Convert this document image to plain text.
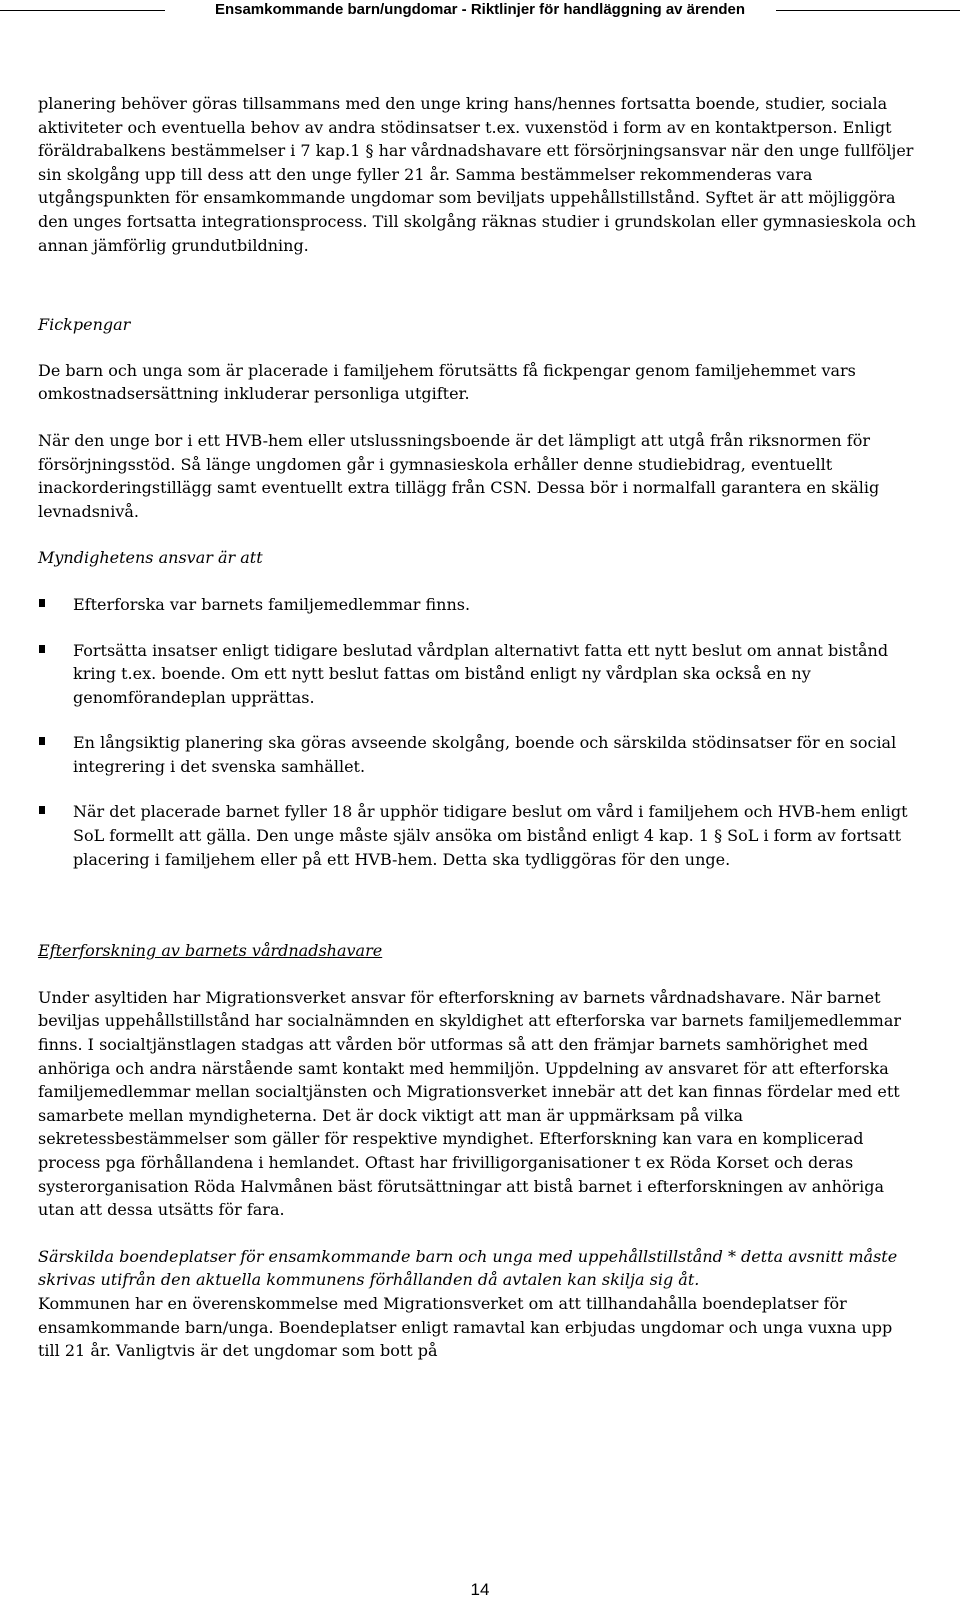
Ensamkommande barn/ungdomar - Riktlinjer för handläggning av ärenden

planering behöver göras tillsammans med den unge kring hans/hennes fortsatta boende, studier, sociala aktiviteter och eventuella behov av andra stödinsatser t.ex. vuxenstöd i form av en kontaktperson. Enligt föräldrabalkens bestämmelser i 7 kap.1 § har vårdnadshavare ett försörjningsansvar när den unge fullföljer sin skolgång upp till dess att den unge fyller 21 år. Samma bestämmelser rekommenderas vara utgångspunkten för ensamkommande ungdomar som beviljats uppehållstillstånd. Syftet är att möjliggöra den unges fortsatta integrationsprocess. Till skolgång räknas studier i grundskolan eller gymnasieskola och annan jämförlig grundutbildning.

Fickpengar

De barn och unga som är placerade i familjehem förutsätts få fickpengar genom familjehemmet vars omkostnadsersättning inkluderar personliga utgifter.

När den unge bor i ett HVB-hem eller utslussningsboende är det lämpligt att utgå från riksnormen för försörjningsstöd. Så länge ungdomen går i gymnasieskola erhåller denne studiebidrag, eventuellt inackorderingstillägg samt eventuellt extra tillägg från CSN. Dessa bör i normalfall garantera en skälig levnadsnivå.

Myndighetens ansvar är att

Efterforska var barnets familjemedlemmar finns.
Fortsätta insatser enligt tidigare beslutad vårdplan alternativt fatta ett nytt beslut om annat bistånd kring t.ex. boende. Om ett nytt beslut fattas om bistånd enligt ny vårdplan ska också en ny genomförandeplan upprättas.
En långsiktig planering ska göras avseende skolgång, boende och särskilda stödinsatser för en social integrering i det svenska samhället.
När det placerade barnet fyller 18 år upphör tidigare beslut om vård i familjehem och HVB-hem enligt SoL formellt att gälla. Den unge måste själv ansöka om bistånd enligt 4 kap. 1 § SoL i form av fortsatt placering i familjehem eller på ett HVB-hem. Detta ska tydliggöras för den unge.

Efterforskning av barnets vårdnadshavare

Under asyltiden har Migrationsverket ansvar för efterforskning av barnets vårdnadshavare. När barnet beviljas uppehållstillstånd har socialnämnden en skyldighet att efterforska var barnets familjemedlemmar finns. I socialtjänstlagen stadgas att vården bör utformas så att den främjar barnets samhörighet med anhöriga och andra närstående samt kontakt med hemmiljön. Uppdelning av ansvaret för att efterforska familjemedlemmar mellan socialtjänsten och Migrationsverket innebär att det kan finnas fördelar med ett samarbete mellan myndigheterna. Det är dock viktigt att man är uppmärksam på vilka sekretessbestämmelser som gäller för respektive myndighet. Efterforskning kan vara en komplicerad process pga förhållandena i hemlandet. Oftast har frivilligorganisationer t ex Röda Korset och deras systerorganisation Röda Halvmånen bäst förutsättningar att bistå barnet i efterforskningen av anhöriga utan att dessa utsätts för fara.

Särskilda boendeplatser för ensamkommande barn och unga med uppehållstillstånd * detta avsnitt måste skrivas utifrån den aktuella kommunens förhållanden då avtalen kan skilja sig åt.

Kommunen har en överenskommelse med Migrationsverket om att tillhandahålla boendeplatser för ensamkommande barn/unga. Boendeplatser enligt ramavtal kan erbjudas ungdomar och unga vuxna upp till 21 år. Vanligtvis är det ungdomar som bott på

14
